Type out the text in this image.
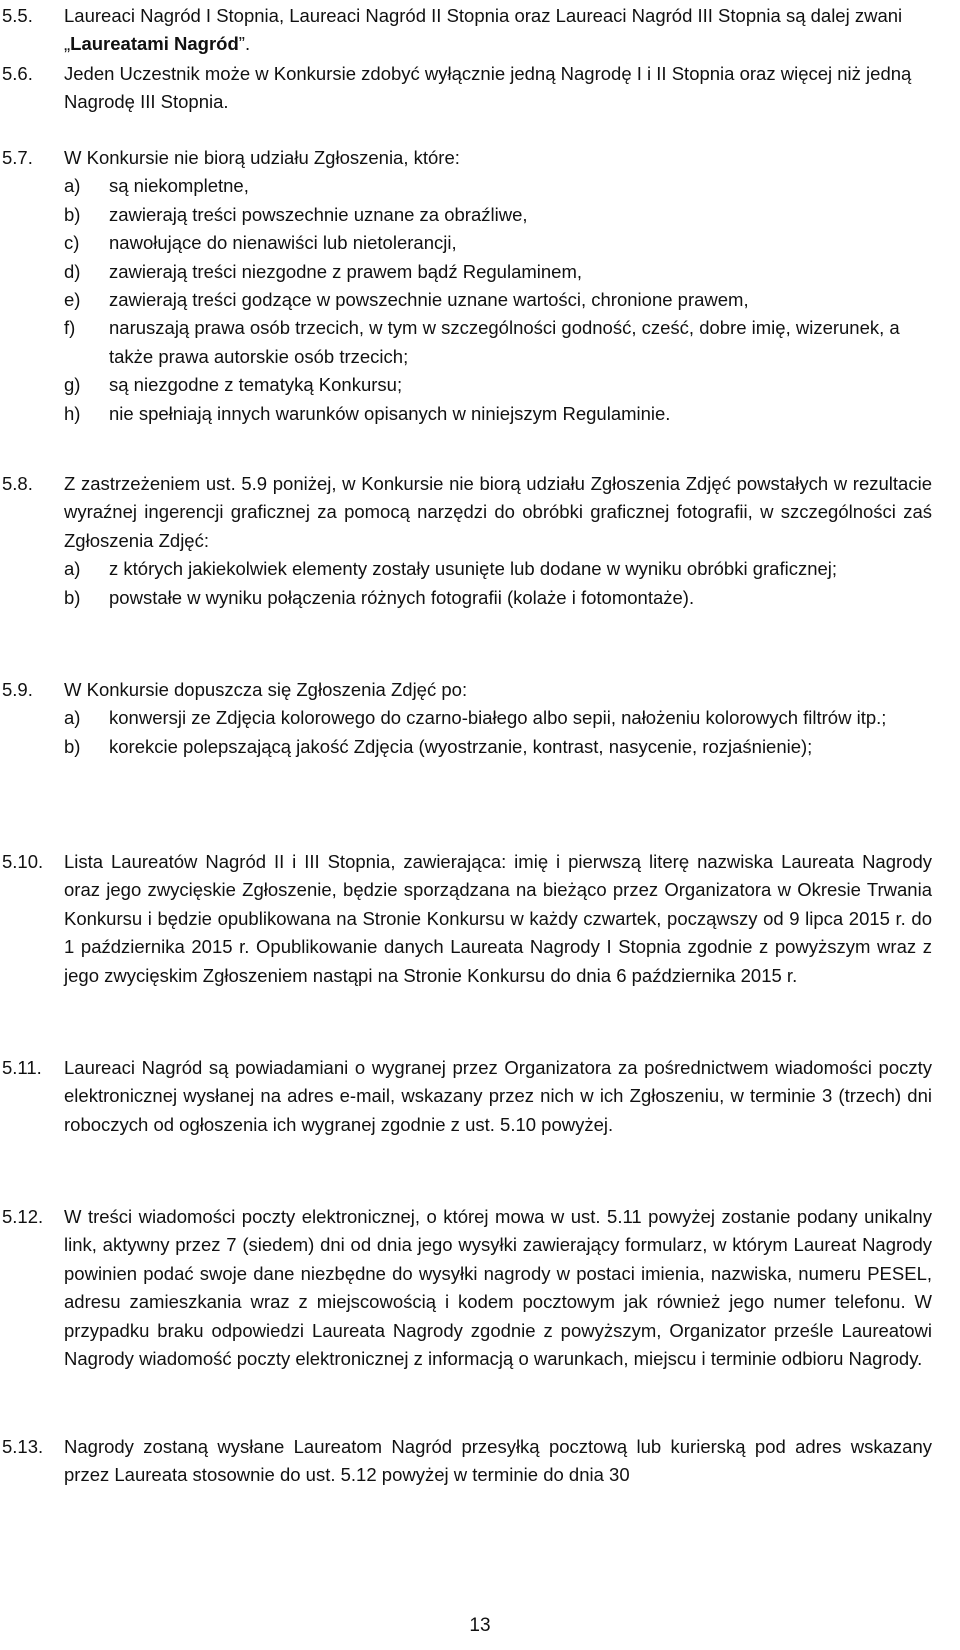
5.5.	Laureaci Nagród I Stopnia, Laureaci Nagród II Stopnia oraz Laureaci Nagród III Stopnia są dalej zwani „Laureatami Nagród”.
5.6.	Jeden Uczestnik może w Konkursie zdobyć wyłącznie jedną Nagrodę I i II Stopnia oraz więcej niż jedną Nagrodę III Stopnia.
5.7.	W Konkursie nie biorą udziału Zgłoszenia, które:
a) są niekompletne,
b) zawierają treści powszechnie uznane za obraźliwe,
c) nawołujące do nienawiści lub nietolerancji,
d) zawierają treści niezgodne z prawem bądź Regulaminem,
e) zawierają treści godzące w powszechnie uznane wartości, chronione prawem,
f) naruszają prawa osób trzecich, w tym w szczególności godność, cześć, dobre imię, wizerunek, a także prawa autorskie osób trzecich;
g) są niezgodne z tematyką Konkursu;
h) nie spełniają innych warunków opisanych w niniejszym Regulaminie.
5.8.	Z zastrzeżeniem ust. 5.9 poniżej, w Konkursie nie biorą udziału Zgłoszenia Zdjęć powstałych w rezultacie wyraźnej ingerencji graficznej za pomocą narzędzi do obróbki graficznej fotografii, w szczególności zaś Zgłoszenia Zdjęć:
a) z których jakiekolwiek elementy zostały usunięte lub dodane w wyniku obróbki graficznej;
b) powstałe w wyniku połączenia różnych fotografii (kolaże i fotomontaże).
5.9.	W Konkursie dopuszcza się Zgłoszenia Zdjęć po:
a) konwersji ze Zdjęcia kolorowego do czarno-białego albo sepii, nałożeniu kolorowych filtrów itp.;
b) korekcie polepszającą jakość Zdjęcia (wyostrzanie, kontrast, nasycenie, rozjaśnienie);
5.10.	Lista Laureatów Nagród II i III Stopnia, zawierająca: imię i pierwszą literę nazwiska Laureata Nagrody oraz jego zwycięskie Zgłoszenie, będzie sporządzana na bieżąco przez Organizatora w Okresie Trwania Konkursu i będzie opublikowana na Stronie Konkursu w każdy czwartek, począwszy od 9 lipca 2015 r. do 1 października 2015 r. Opublikowanie danych Laureata Nagrody I Stopnia zgodnie z powyższym wraz z jego zwycięskim Zgłoszeniem nastąpi na Stronie Konkursu do dnia 6 października 2015 r.
5.11.	Laureaci Nagród są powiadamiani o wygranej przez Organizatora za pośrednictwem wiadomości poczty elektronicznej wysłanej na adres e-mail, wskazany przez nich w ich Zgłoszeniu, w terminie 3 (trzech) dni roboczych od ogłoszenia ich wygranej zgodnie z ust. 5.10 powyżej.
5.12.	W treści wiadomości poczty elektronicznej, o której mowa w ust. 5.11 powyżej zostanie podany unikalny link, aktywny przez 7 (siedem) dni od dnia jego wysyłki zawierający formularz, w którym Laureat Nagrody powinien podać swoje dane niezbędne do wysyłki nagrody w postaci imienia, nazwiska, numeru PESEL, adresu zamieszkania wraz z miejscowością i kodem pocztowym jak również jego numer telefonu. W przypadku braku odpowiedzi Laureata Nagrody zgodnie z powyższym, Organizator prześle Laureatowi Nagrody wiadomość poczty elektronicznej z informacją o warunkach, miejscu i terminie odbioru Nagrody.
5.13.	Nagrody zostaną wysłane Laureatom Nagród przesyłką pocztową lub kurierską pod adres wskazany przez Laureata stosownie do ust. 5.12 powyżej w terminie do dnia 30
13
